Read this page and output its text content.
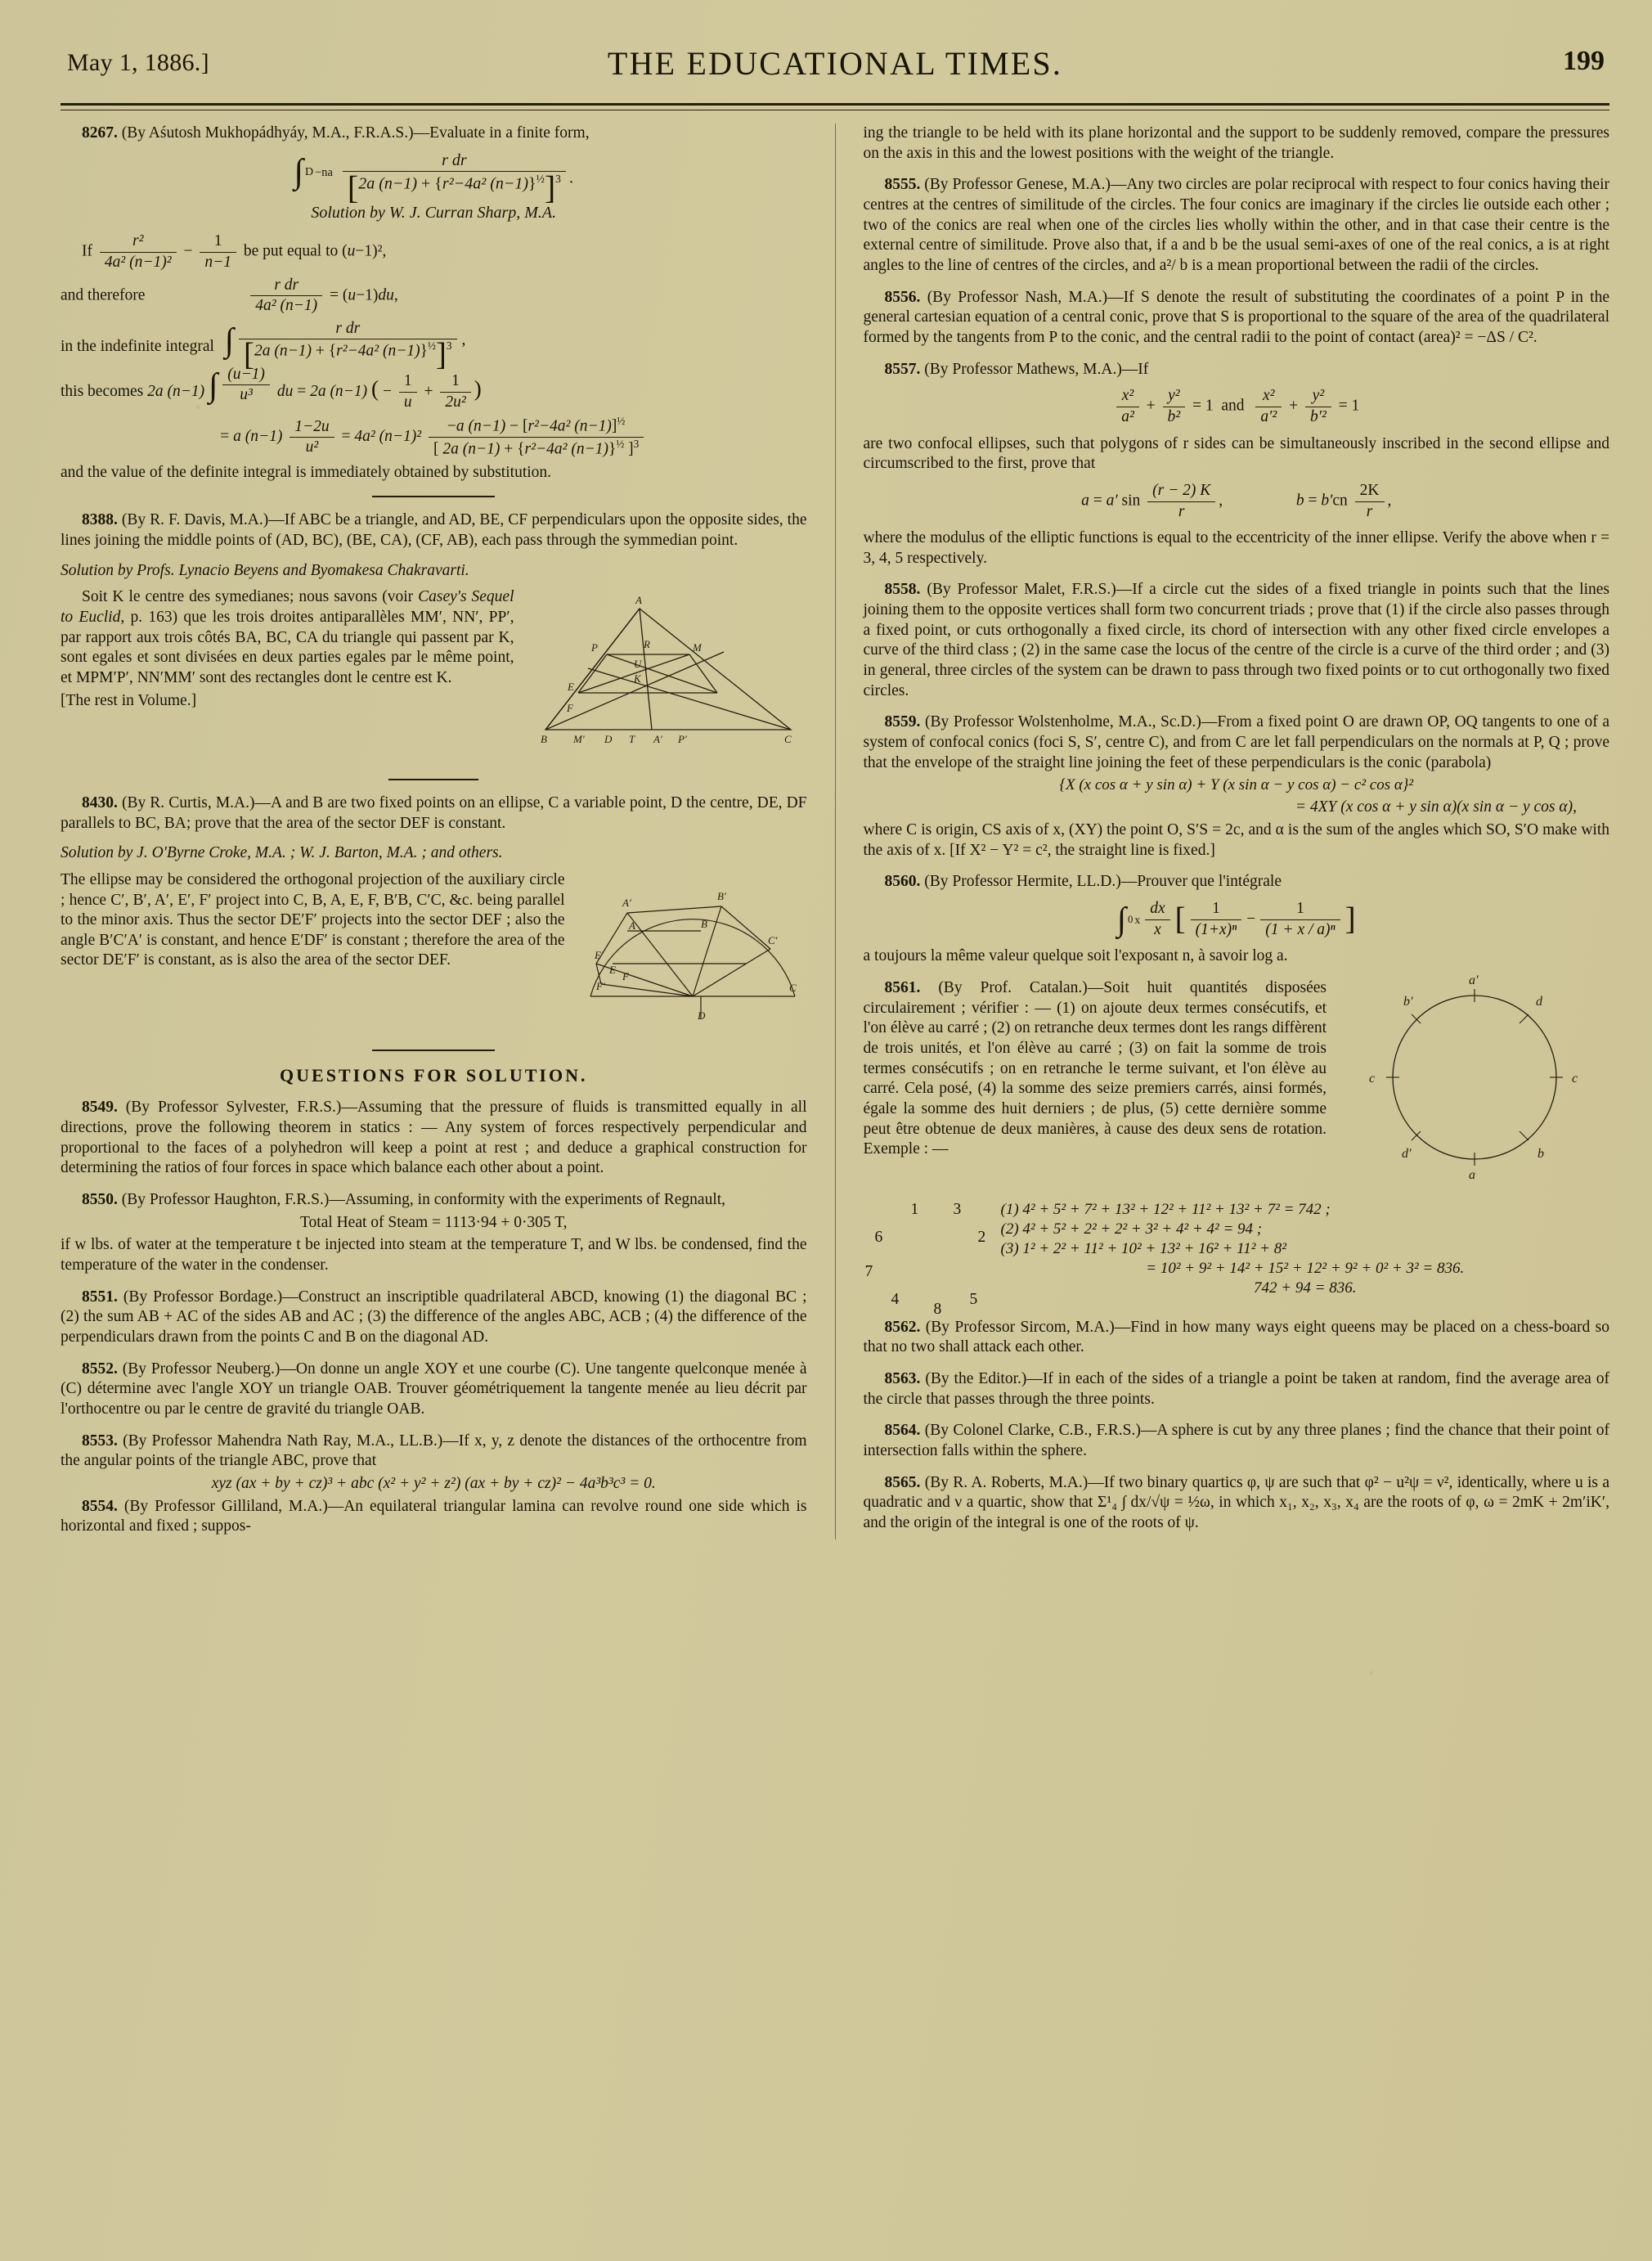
May 1, 1886.]	THE EDUCATIONAL TIMES.	199

8267. (By Aśutosh Mukhopádhyáy, M.A., F.R.A.S.)—Evaluate in a finite form,

∫ $D -na \frac{\text{r dr}}{[2a (n-1) + \{r^2-4a^2 (n-1)\}^{\frac{1}{2}}]^3}$ .
Solution by W. J. Curran Sharp, M.A.

If $\frac{\text{r²}}{\text{4a² (n−1)²}} - \frac{1}{n-1}$ be put equal to (u−1)²,

and therefore	$\frac{\text{r dr}}{\text{4a² (n−1)}} = (u-1)du$,

in the indefinite integral ∫ $\frac{\text{r dr}}{[2a (n-1) + \{r^2-4a^2 (n-1)\}^{\frac{1}{2}}]^3}$ ,

this becomes 2a (n−1) ∫ $\frac{(u-1)}{\text{u³}}$ du = 2a (n−1) ( − $\frac{1}{u} + \frac{1}{\text{2u²}}$ )

= a $(n-1) \frac{1-2u}{\text{u²}} = 4a^2$ $(n-1)^2 \frac{-a (n-1) - [r^2-4a^2 (n-1)]^{\frac{1}{2}}}{[ 2a (n-1) + \{r^2-4a^2 (n-1)\}^{\frac{1}{2}} ]^3}$

and the value of the definite integral is immediately obtained by substitution.

8388. (By R. F. Davis, M.A.)—If ABC be a triangle, and AD, BE, CF perpendiculars upon the opposite sides, the lines joining the middle points of (AD, BC), (BE, CA), (CF, AB), each pass through the symmedian point.

Solution by Profs. Lynacio Beyens and Byomakesa Chakravarti.
A
P	R	M
U
K
E
F
B M′ D T A′ P′	C

Soit K le centre des symedianes; nous savons (voir Casey's Sequel to Euclid, p. 163) que les trois droites antiparallèles MM′, NN′, PP′, par rapport aux trois côtés BA, BC, CA du triangle qui passent par K, sont egales et sont divisées en deux parties egales par le même point, et MPM′P′, NN′MM′ sont des rectangles dont le centre est K.

[The rest in Volume.]

8430. (By R. Curtis, M.A.)—A and B are two fixed points on an ellipse, C a variable point, D the centre, DE, DF parallels to BC, BA; prove that the area of the sector DEF is constant.

Solution by J. O'Byrne Croke, M.A. ; W. J. Barton, M.A. ; and others.
A′
B′
E′
A	B
C′
E
F′
F
D
C

The ellipse may be considered the orthogonal projection of the auxiliary circle ; hence C′, B′, A′, E′, F′ project into C, B, A, E, F, B′B, C′C, &c. being parallel to the minor axis. Thus the sector DE′F′ projects into the sector DEF ; also the angle B′C′A′ is constant, and hence E′DF′ is constant ; therefore the area of the sector DE′F′ is constant, as is also the area of the sector DEF.

QUESTIONS FOR SOLUTION.

8549. (By Professor Sylvester, F.R.S.)—Assuming that the pressure of fluids is transmitted equally in all directions, prove the following theorem in statics : — Any system of forces respectively perpendicular and proportional to the faces of a polyhedron will keep a point at rest ; and deduce a graphical construction for determining the ratios of four forces in space which balance each other about a point.

8550. (By Professor Haughton, F.R.S.)—Assuming, in conformity with the experiments of Regnault,

Total Heat of Steam = 1113·94 + 0·305 T,

if w lbs. of water at the temperature t be injected into steam at the temperature T, and W lbs. be condensed, find the temperature of the water in the condenser.

8551. (By Professor Bordage.)—Construct an inscriptible quadrilateral ABCD, knowing (1) the diagonal BC ; (2) the sum AB + AC of the sides AB and AC ; (3) the difference of the angles ABC, ACB ; (4) the difference of the perpendiculars drawn from the points C and B on the diagonal AD.

8552. (By Professor Neuberg.)—On donne un angle XOY et une courbe (C). Une tangente quelconque menée à (C) détermine avec l'angle XOY un triangle OAB. Trouver géométriquement la tangente menée au lieu décrit par l'orthocentre ou par le centre de gravité du triangle OAB.

8553. (By Professor Mahendra Nath Ray, M.A., LL.B.)—If x, y, z denote the distances of the orthocentre from the angular points of the triangle ABC, prove that

xyz (ax + by + cz)³ + abc (x² + y² + z²) (ax + by + cz)² − 4a³b³c³ = 0.

8554. (By Professor Gilliland, M.A.)—An equilateral triangular lamina can revolve round one side which is horizontal and fixed ; suppos-

ing the triangle to be held with its plane horizontal and the support to be suddenly removed, compare the pressures on the axis in this and the lowest positions with the weight of the triangle.

8555. (By Professor Genese, M.A.)—Any two circles are polar reciprocal with respect to four conics having their centres at the centres of similitude of the circles. The four conics are imaginary if the circles lie outside each other ; two of the conics are real when one of the circles lies wholly within the other, and in that case their centre is the external centre of similitude. Prove also that, if a and b be the usual semi-axes of one of the real conics, a is at right angles to the line of centres of the circles, and a²/ b is a mean proportional between the radii of the circles.

8556. (By Professor Nash, M.A.)—If S denote the result of substituting the coordinates of a point P in the general cartesian equation of a central conic, prove that S is proportional to the square of the area of the quadrilateral formed by the tangents from P to the conic, and the central radii to the point of contact (area)² = −ΔS / C².

8557. (By Professor Mathews, M.A.)—If

$\frac{\text{x²}}{\text{a²}} + \frac{\text{y²}}{\text{b²}} = 1$  and $\frac{\text{x²}}{\text{a′²}} + \frac{\text{y²}}{\text{b′²}} = 1$

are two confocal ellipses, such that polygons of r sides can be simultaneously inscribed in the second ellipse and circumscribed to the first, prove that

a = a′ $\sin \frac{(r - 2) K}{r}$ ,	$b = b'cn \frac{2K}{r}$ ,

where the modulus of the elliptic functions is equal to the eccentricity of the inner ellipse. Verify the above when r = 3, 4, 5 respectively.

8558. (By Professor Malet, F.R.S.)—If a circle cut the sides of a fixed triangle in points such that the lines joining them to the opposite vertices shall form two concurrent triads ; prove that (1) if the circle also passes through a fixed point, or cuts orthogonally a fixed circle, its chord of intersection with any other fixed circle envelopes a curve of the third class ; (2) in the same case the locus of the centre of the circle is a curve of the third order ; and (3) in general, three circles of the system can be drawn to pass through two fixed points or to cut orthogonally two fixed circles.

8559. (By Professor Wolstenholme, M.A., Sc.D.)—From a fixed point O are drawn OP, OQ tangents to one of a system of confocal conics (foci S, S′, centre C), and from C are let fall perpendiculars on the normals at P, Q ; prove that the envelope of the straight line joining the feet of these perpendiculars is the conic (parabola)

{X (x cos α + y sin α) + Y (x sin α − y cos α) − c² cos α}²

= 4XY (x cos α + y sin α)(x sin α − y cos α),

where C is origin, CS axis of x, (XY) the point O, S′S = 2c, and α is the sum of the angles which SO, S′O make with the axis of x. [If X² − Y² = c², the straight line is fixed.]

8560. (By Professor Hermite, LL.D.)—Prouver que l'intégrale

∫ 0 x $\frac{dx}{x}$ [ $\frac{1}{\text{(1+x)ⁿ}} - \frac{1}{\text{(1 + x / a)ⁿ}}$ ]

a toujours la même valeur quelque soit l'exposant n, à savoir log a.

a′
b′	d
c	c
d′	b
a

8561. (By Prof. Catalan.)—Soit huit quantités disposées circulairement ; vérifier : — (1) on ajoute deux termes consécutifs, et l'on élève au carré ; (2) on retranche deux termes dont les rangs diffèrent de trois unités, et l'on élève au carré ; (3) on fait la somme de trois termes consécutifs ; on en retranche le terme suivant, et l'on élève au carré. Cela posé, (4) la somme des seize premiers carrés, ainsi formés, égale la somme des huit derniers ; de plus, (5) cette dernière somme peut être obtenue de deux manières, à cause des deux sens de rotation. Exemple : —

1 3
6	2
7

4
8
5
(1) 4² + 5² + 7² + 13² + 12² + 11² + 13² + 7² = 742 ;
(2) 4² + 5² + 2² + 2² + 3² + 4² + 4² = 94 ;
(3) 1² + 2² + 11² + 10² + 13² + 16² + 11² + 8²
= 10² + 9² + 14² + 15² + 12² + 9² + 0² + 3² = 836.
742 + 94 = 836.

8562. (By Professor Sircom, M.A.)—Find in how many ways eight queens may be placed on a chess-board so that no two shall attack each other.

8563. (By the Editor.)—If in each of the sides of a triangle a point be taken at random, find the average area of the circle that passes through the three points.

8564. (By Colonel Clarke, C.B., F.R.S.)—A sphere is cut by any three planes ; find the chance that their point of intersection falls within the sphere.

8565. (By R. A. Roberts, M.A.)—If two binary quartics φ, ψ are such that φ² − u²ψ = ν², identically, where u is a quadratic and ν a quartic, show that Σ¹₄ ∫ dx/√ψ = ½ω, in which x₁, x₂, x₃, x₄ are the roots of φ, ω = 2mK + 2m′iK′, and the origin of the integral is one of the roots of ψ.
